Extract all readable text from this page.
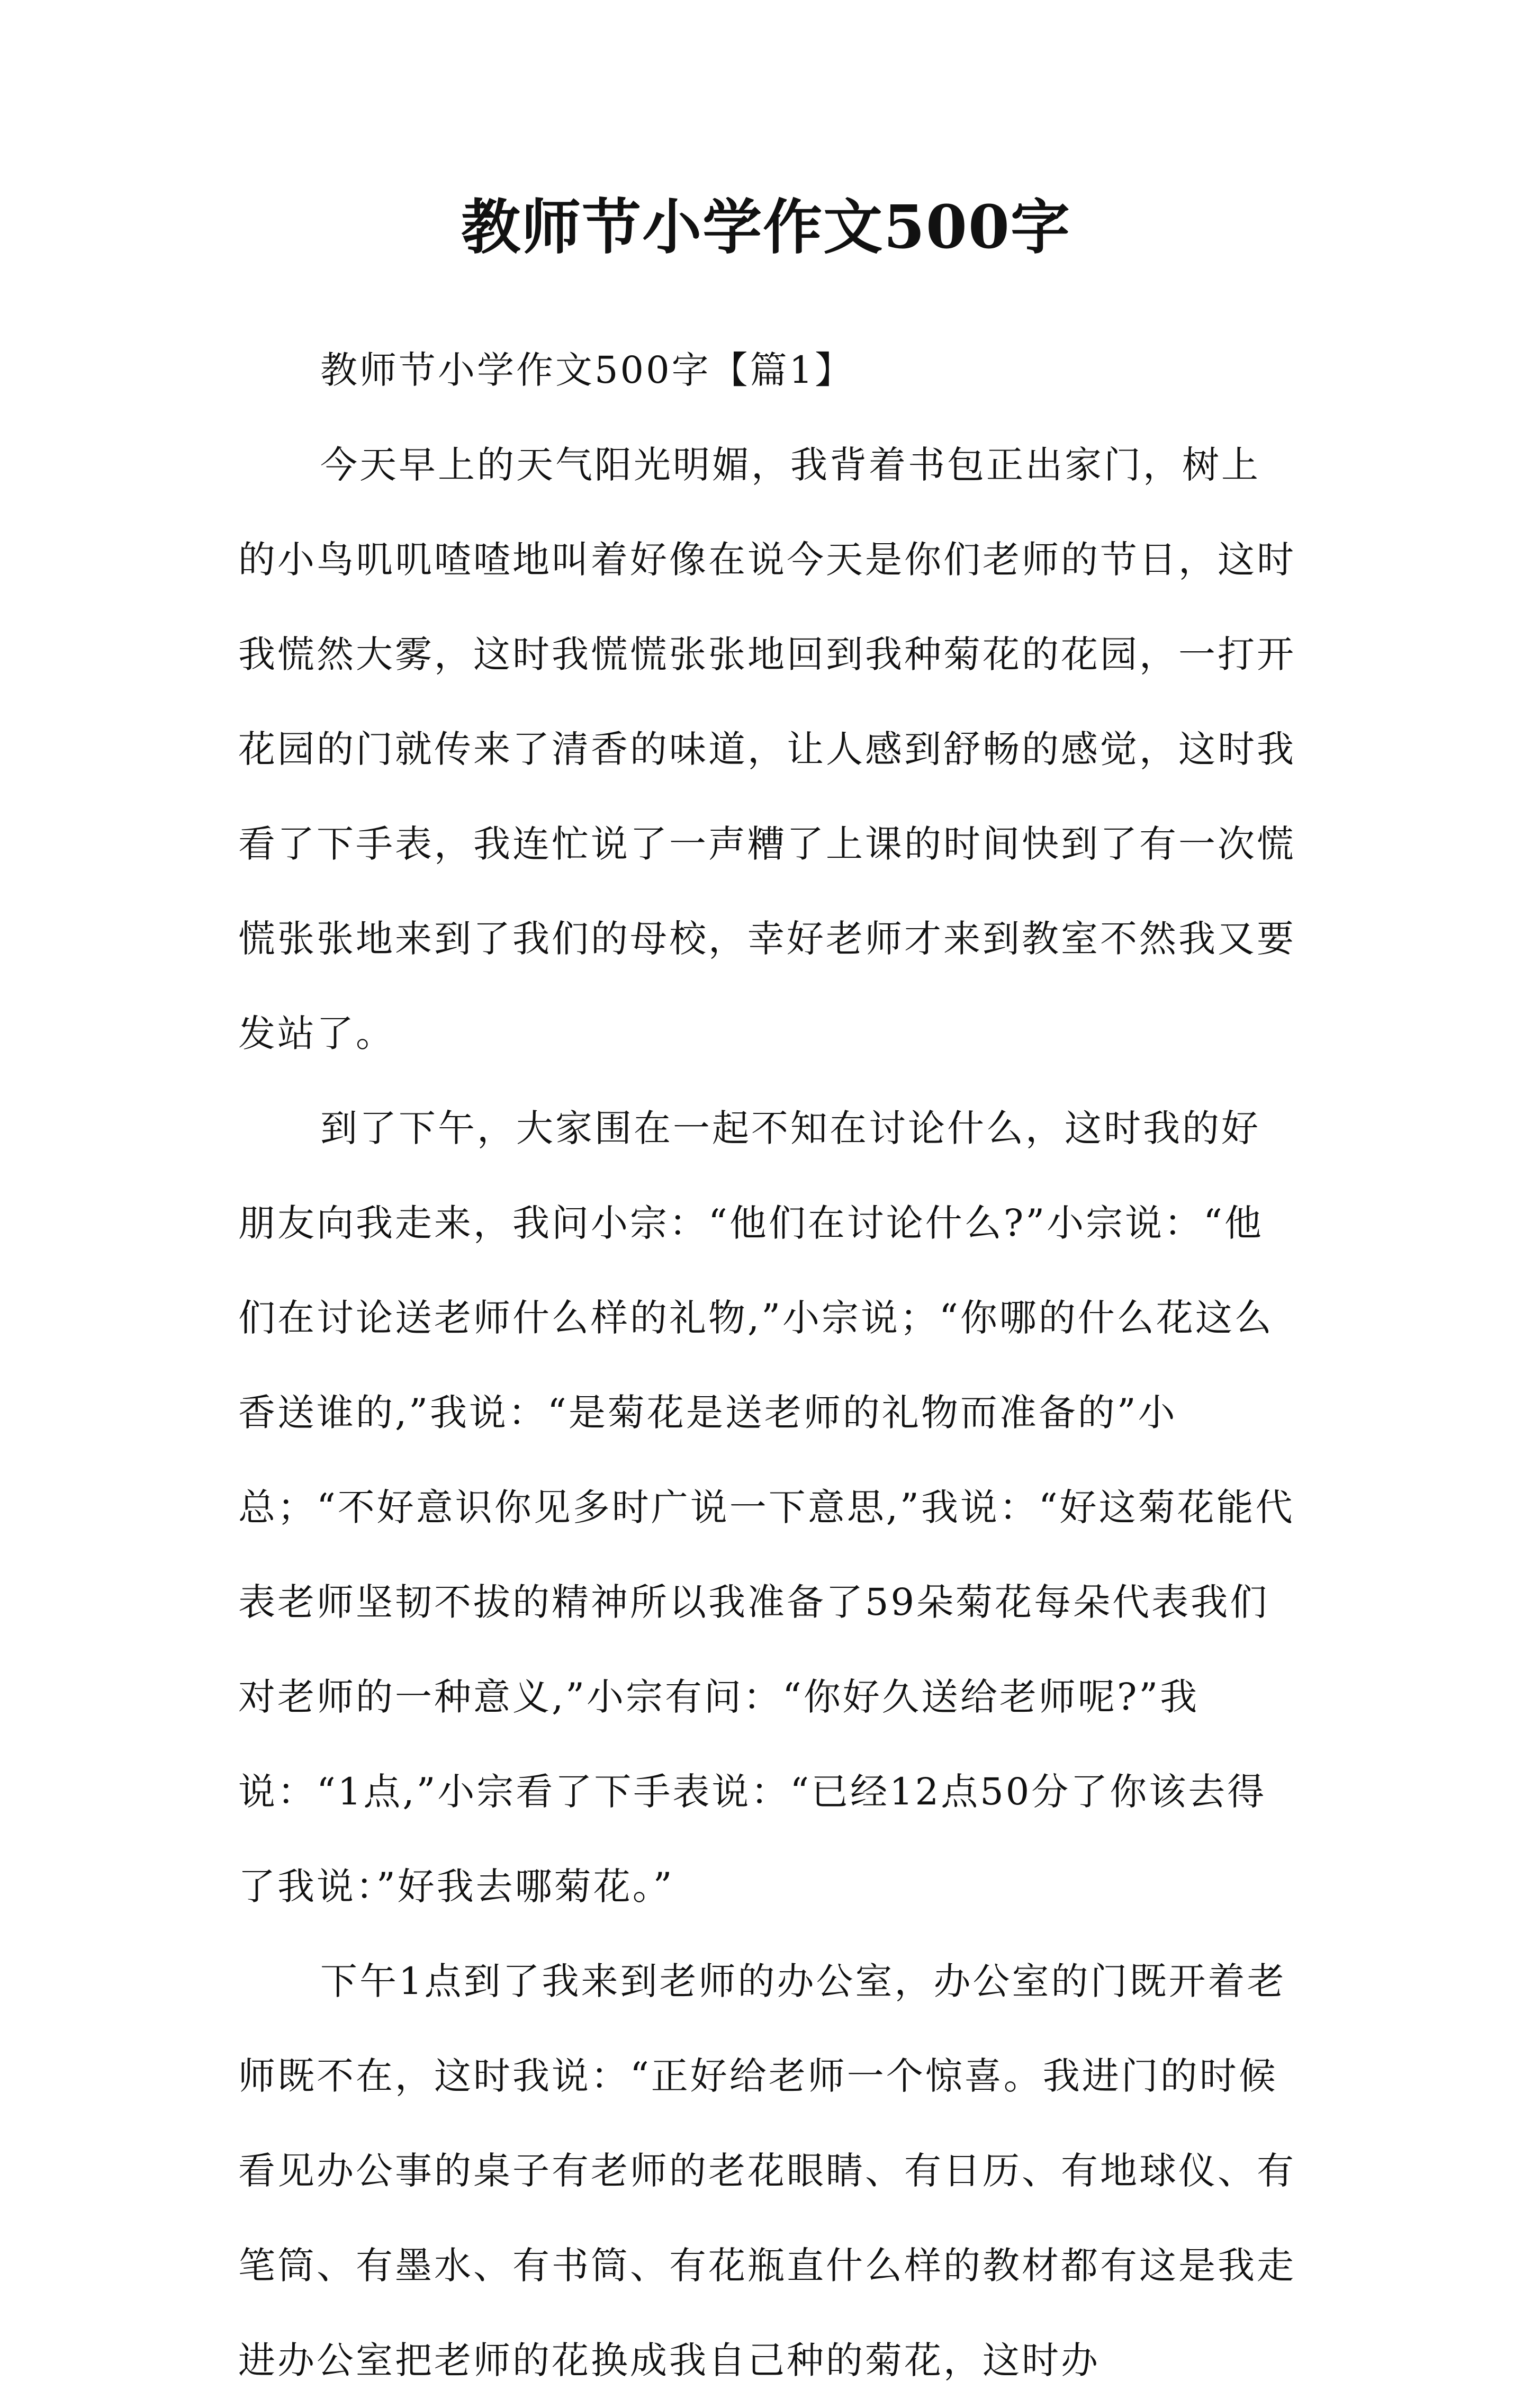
教师节小学作文500字

教师节小学作文500字【篇1】

今天早上的天气阳光明媚，我背着书包正出家门，树上的小鸟叽叽喳喳地叫着好像在说今天是你们老师的节日，这时我慌然大雾，这时我慌慌张张地回到我种菊花的花园，一打开花园的门就传来了清香的味道，让人感到舒畅的感觉，这时我看了下手表，我连忙说了一声糟了上课的时间快到了有一次慌慌张张地来到了我们的母校，幸好老师才来到教室不然我又要发站了。

到了下午，大家围在一起不知在讨论什么，这时我的好朋友向我走来，我问小宗：“他们在讨论什么?”小宗说：“他们在讨论送老师什么样的礼物,”小宗说；“你哪的什么花这么香送谁的,”我说：“是菊花是送老师的礼物而准备的”小总；“不好意识你见多时广说一下意思,”我说：“好这菊花能代表老师坚韧不拔的精神所以我准备了59朵菊花每朵代表我们对老师的一种意义,”小宗有问：“你好久送给老师呢?”我说：“1点,”小宗看了下手表说：“已经12点50分了你该去得了我说：”好我去哪菊花。”

下午1点到了我来到老师的办公室，办公室的门既开着老师既不在，这时我说：“正好给老师一个惊喜。我进门的时候看见办公事的桌子有老师的老花眼睛、有日历、有地球仪、有笔筒、有墨水、有书筒、有花瓶直什么样的教材都有这是我走进办公室把老师的花换成我自己种的菊花，这时办
